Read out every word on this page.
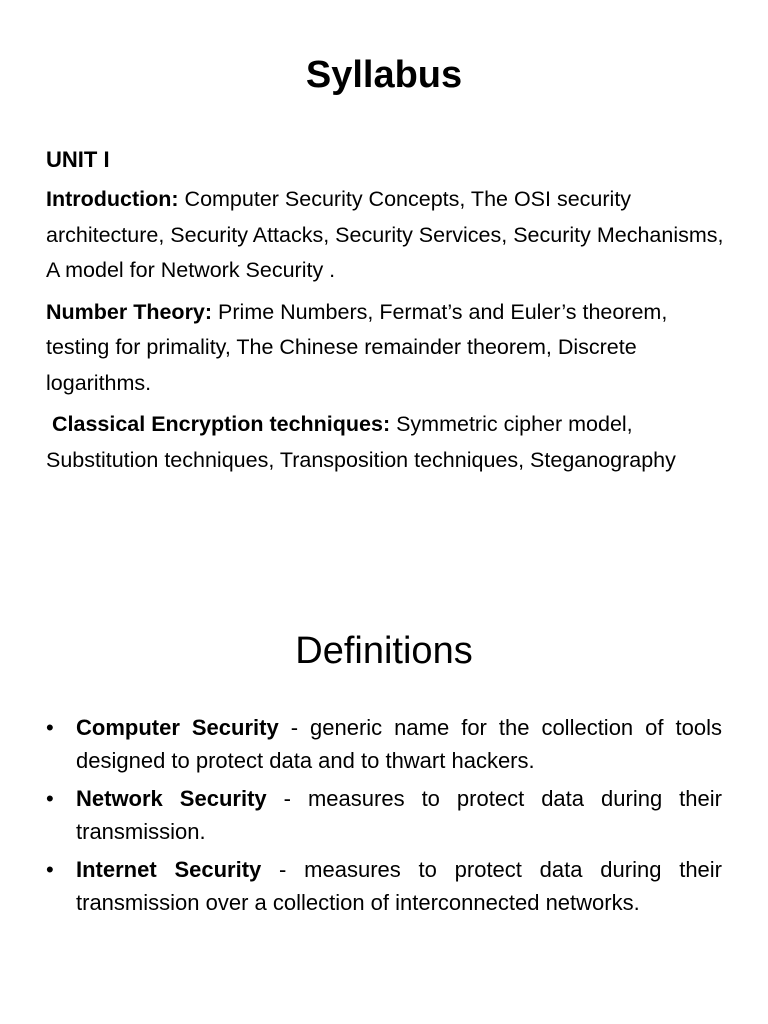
Syllabus
UNIT I

Introduction: Computer Security Concepts, The OSI security architecture, Security Attacks, Security Services, Security Mechanisms, A model for Network Security .

Number Theory: Prime Numbers, Fermat’s and Euler’s theorem, testing for primality, The Chinese remainder theorem, Discrete logarithms.

Classical Encryption techniques: Symmetric cipher model, Substitution techniques, Transposition techniques, Steganography

Definitions
• Computer Security - generic name for the collection of tools designed to protect data and to thwart hackers.
• Network Security - measures to protect data during their transmission.
• Internet Security - measures to protect data during their transmission over a collection of interconnected networks.
